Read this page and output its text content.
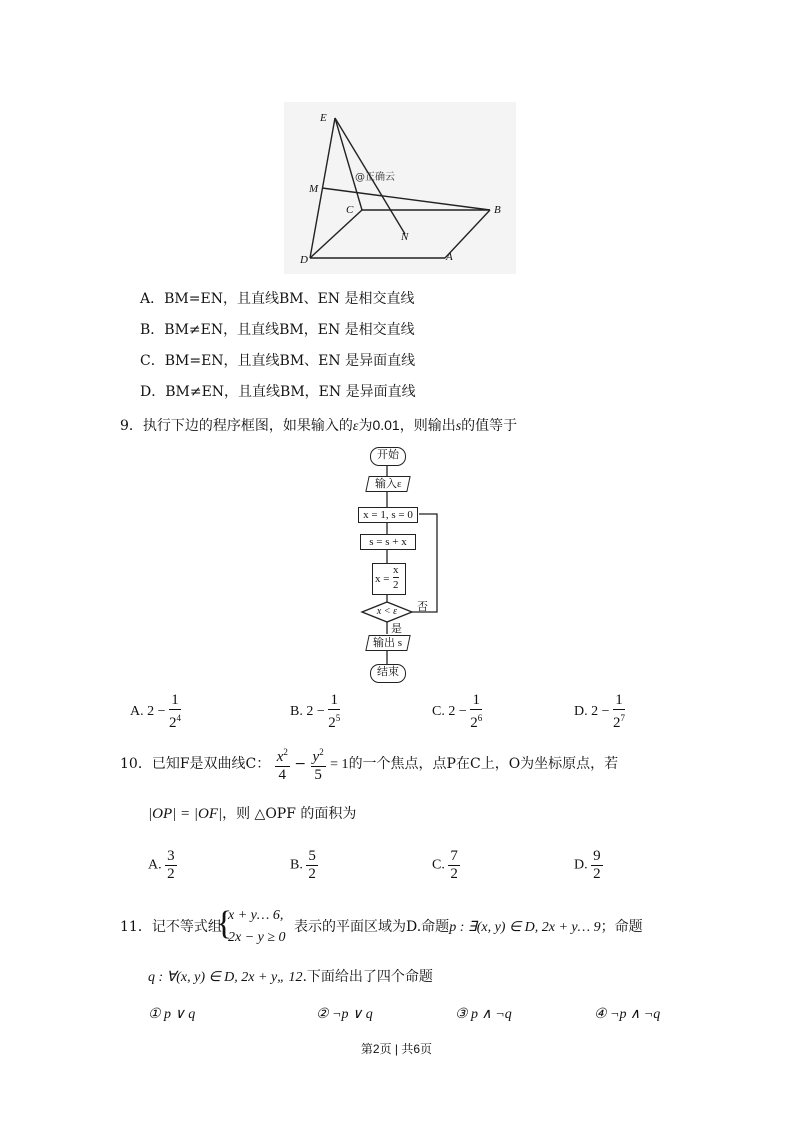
E
M
C	B
N
D	A
@正确云
A．BM=EN，且直线BM、EN 是相交直线
B．BM≠EN，且直线BM，EN 是相交直线
C．BM=EN，且直线BM、EN 是异面直线
D．BM≠EN，且直线BM，EN 是异面直线
9．执行下边的程序框图，如果输入的ε为0.01，则输出s的值等于
开始
输入ε
x = 1, s = 0
s = s + x
x =
x
2
x < ε	否
是
输出 s
结束
A. $2 - \frac{1}{2^4}$	B. $2 - \frac{1}{2^5}$	C. $2 - \frac{1}{2^6}$	D. $2 - \frac{1}{2^7}$
10．已知F是双曲线C： $\frac{x^2}{4} - \frac{y^2}{5} = 1$的一个焦点，点P在C上，O为坐标原点，若
|OP| = |OF|，则 △OPF 的面积为
A. $\frac{3}{2}$	B. $\frac{5}{2}$	C. $\frac{7}{2}$	D. $\frac{9}{2}$
11．记不等式组
{
x + y… 6,
2x − y ≥ 0
表示的平面区域为D.命题p : ∃(x, y) ∈ D, 2x + y… 9；命题
q : ∀(x, y) ∈ D, 2x + y„ 12.下面给出了四个命题
① p ∨ q	② ¬p ∨ q	③ p ∧ ¬q	④ ¬p ∧ ¬q
第2页 | 共6页
